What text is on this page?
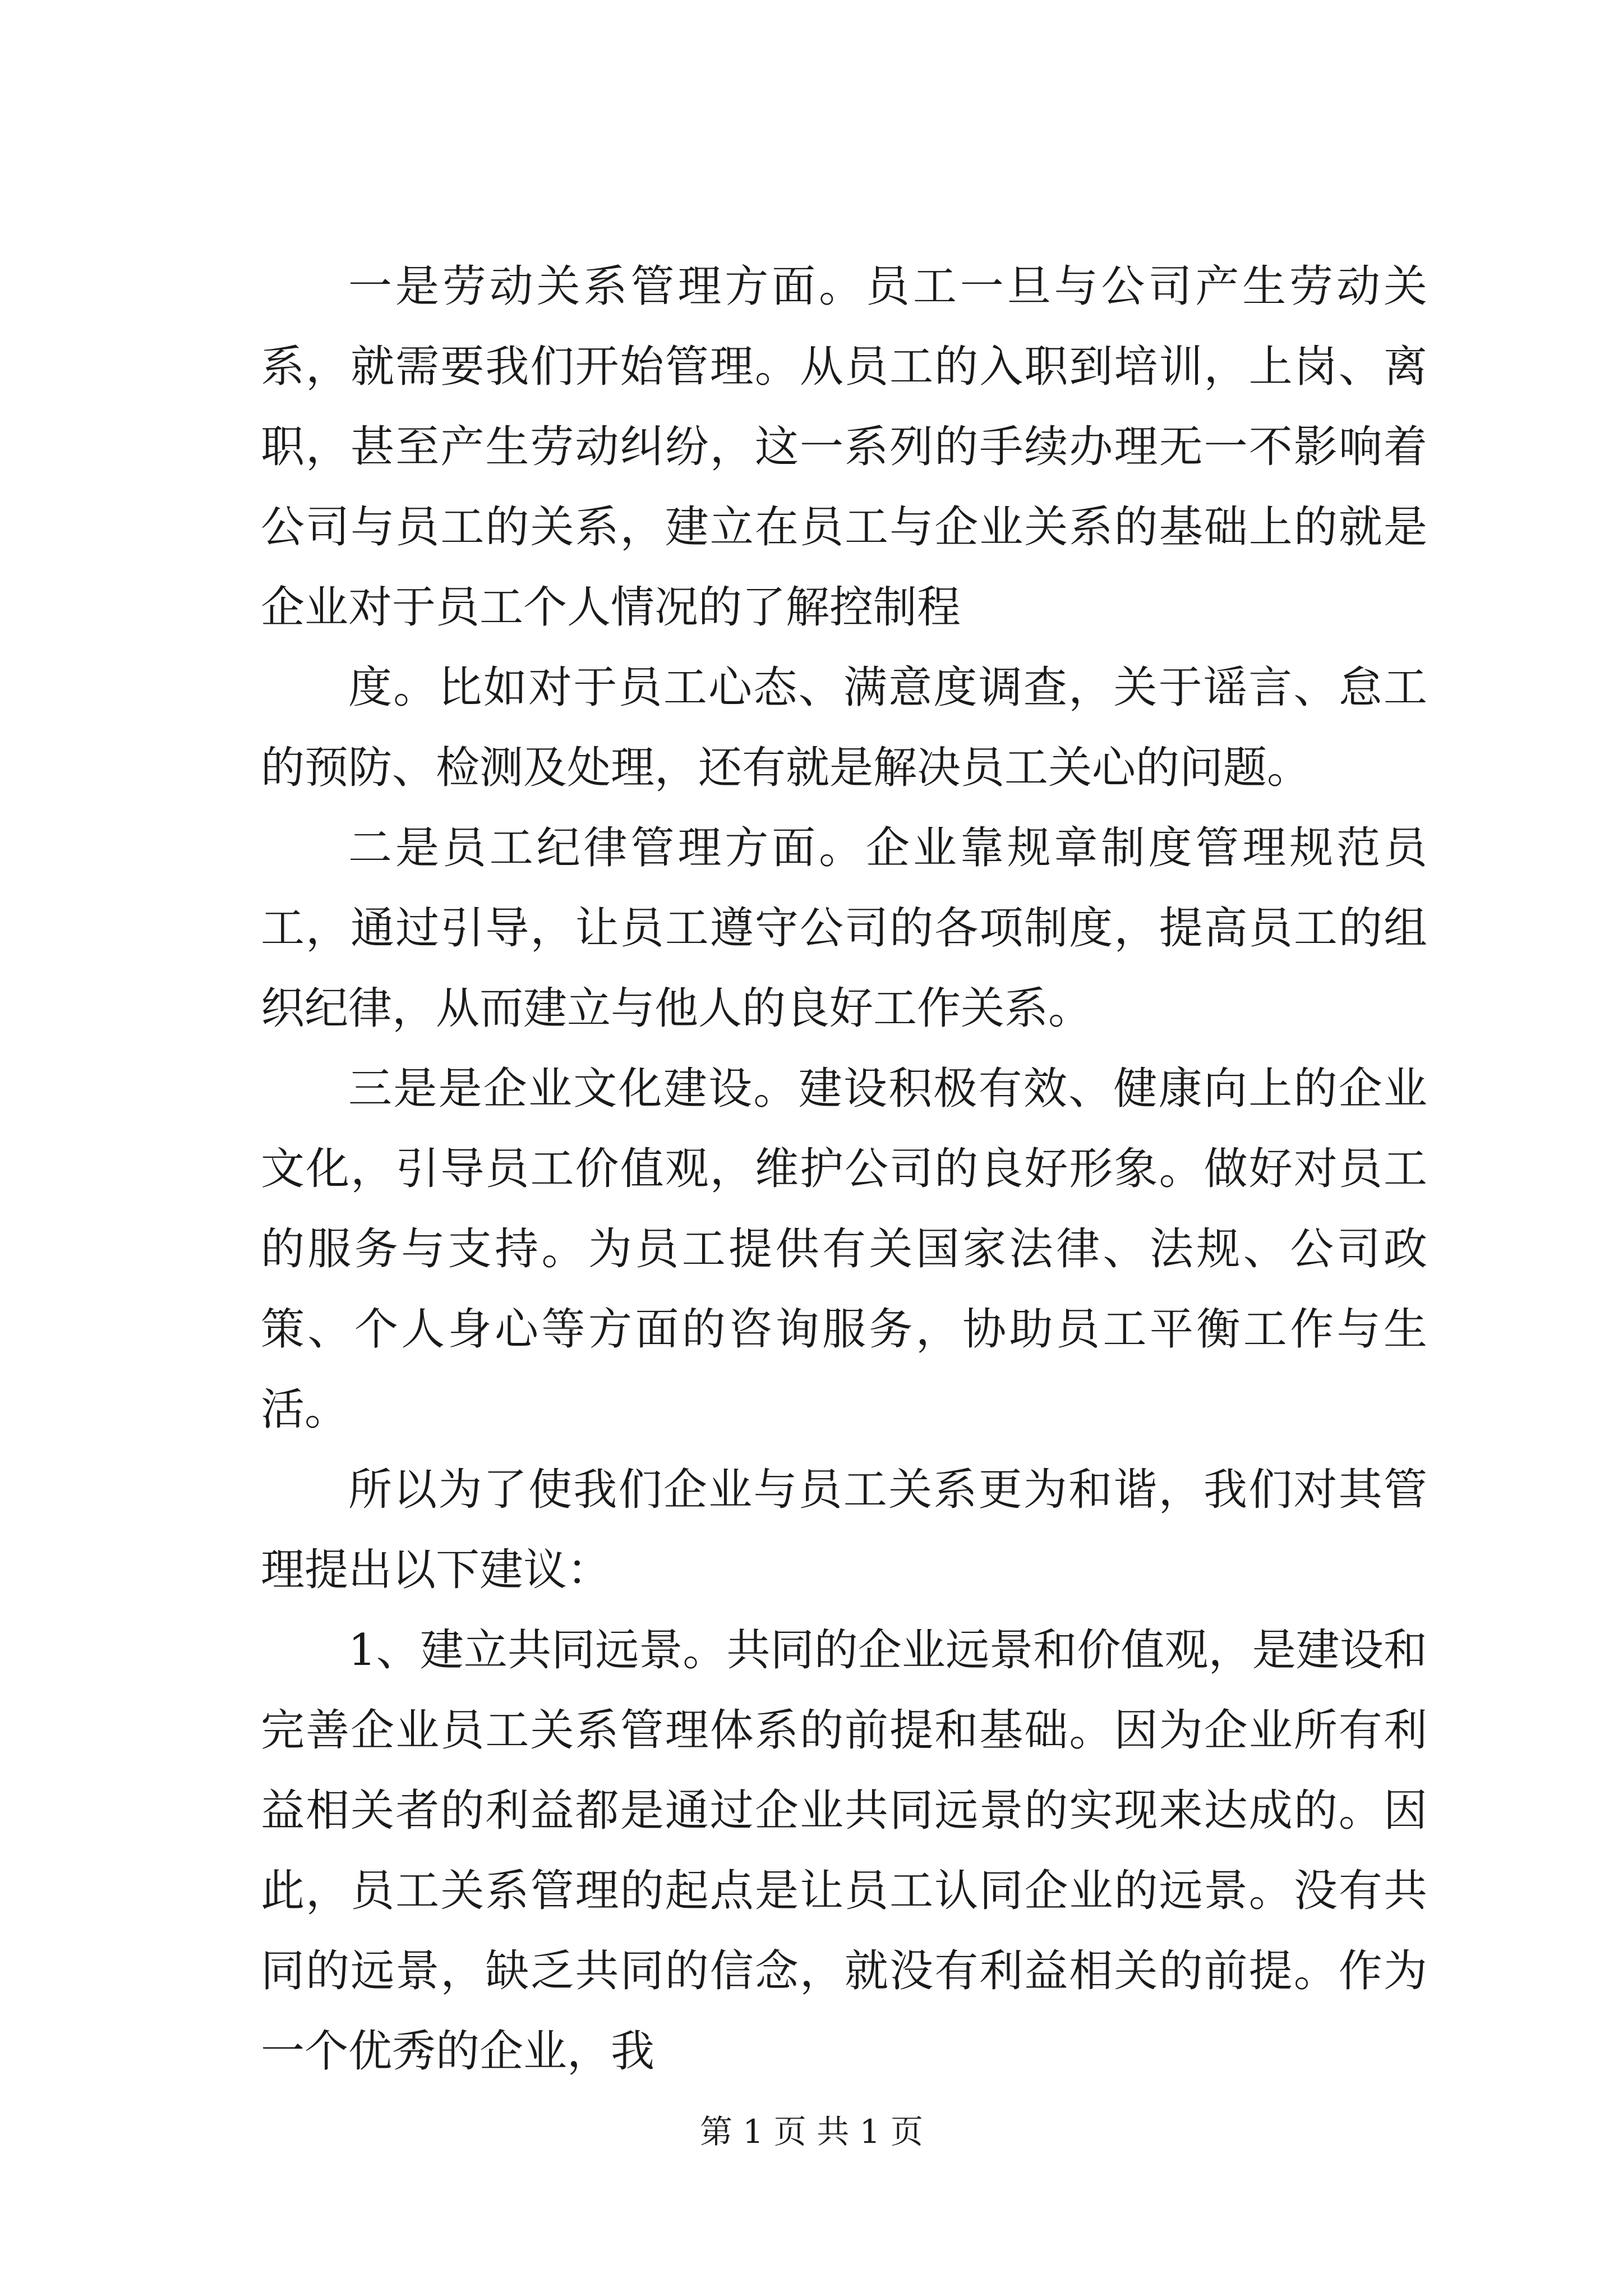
一是劳动关系管理方面。员工一旦与公司产生劳动关系，就需要我们开始管理。从员工的入职到培训，上岗、离职，甚至产生劳动纠纷，这一系列的手续办理无一不影响着公司与员工的关系，建立在员工与企业关系的基础上的就是企业对于员工个人情况的了解控制程

度。比如对于员工心态、满意度调查，关于谣言、怠工的预防、检测及处理，还有就是解决员工关心的问题。

二是员工纪律管理方面。企业靠规章制度管理规范员工，通过引导，让员工遵守公司的各项制度，提高员工的组织纪律，从而建立与他人的良好工作关系。

三是是企业文化建设。建设积极有效、健康向上的企业文化，引导员工价值观，维护公司的良好形象。做好对员工的服务与支持。为员工提供有关国家法律、法规、公司政策、个人身心等方面的咨询服务，协助员工平衡工作与生活。

所以为了使我们企业与员工关系更为和谐，我们对其管理提出以下建议：

1、建立共同远景。共同的企业远景和价值观，是建设和完善企业员工关系管理体系的前提和基础。因为企业所有利益相关者的利益都是通过企业共同远景的实现来达成的。因此，员工关系管理的起点是让员工认同企业的远景。没有共同的远景，缺乏共同的信念，就没有利益相关的前提。作为一个优秀的企业，我

第 1 页 共 1 页
